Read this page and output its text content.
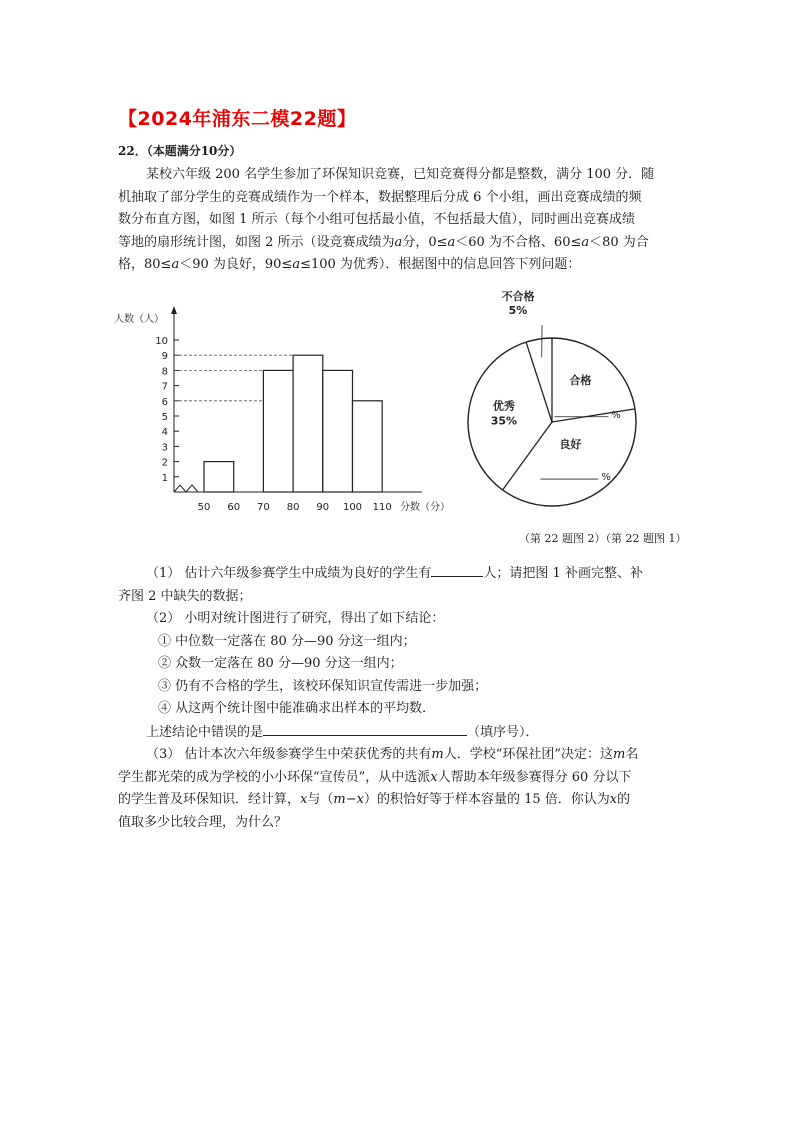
【2024年浦东二模22题】
22．（本题满分10分）

某校六年级 200 名学生参加了环保知识竞赛，已知竞赛得分都是整数，满分 100 分．随

机抽取了部分学生的竞赛成绩作为一个样本，数据整理后分成 6 个小组，画出竞赛成绩的频

数分布直方图，如图 1 所示（每个小组可包括最小值，不包括最大值），同时画出竞赛成绩

等地的扇形统计图，如图 2 所示（设竞赛成绩为a分，0≤a＜60 为不合格、60≤a＜80 为合

格，80≤a＜90 为良好，90≤a≤100 为优秀）．根据图中的信息回答下列问题：

1
2
3
4
5
6
7
8
9
10
50 60 70 80 90 100 110 分数（分）
人数（人）
不合格
5%
合格
%
良好
%
优秀
35%
（第 22 题图 2）（第 22 题图 1）

（1） 估计六年级参赛学生中成绩为良好的学生有	人；请把图 1 补画完整、补

齐图 2 中缺失的数据；

（2） 小明对统计图进行了研究，得出了如下结论：

① 中位数一定落在 80 分—90 分这一组内；

② 众数一定落在 80 分—90 分这一组内；

③ 仍有不合格的学生，该校环保知识宣传需进一步加强；

④ 从这两个统计图中能准确求出样本的平均数．

上述结论中错误的是	（填序号）．

（3） 估计本次六年级参赛学生中荣获优秀的共有m人．学校“环保社团”决定：这m名

学生都光荣的成为学校的小小环保“宣传员”，从中选派x人帮助本年级参赛得分 60 分以下

的学生普及环保知识．经计算，x与（m−x）的积恰好等于样本容量的 15 倍．你认为x的

值取多少比较合理，为什么？
